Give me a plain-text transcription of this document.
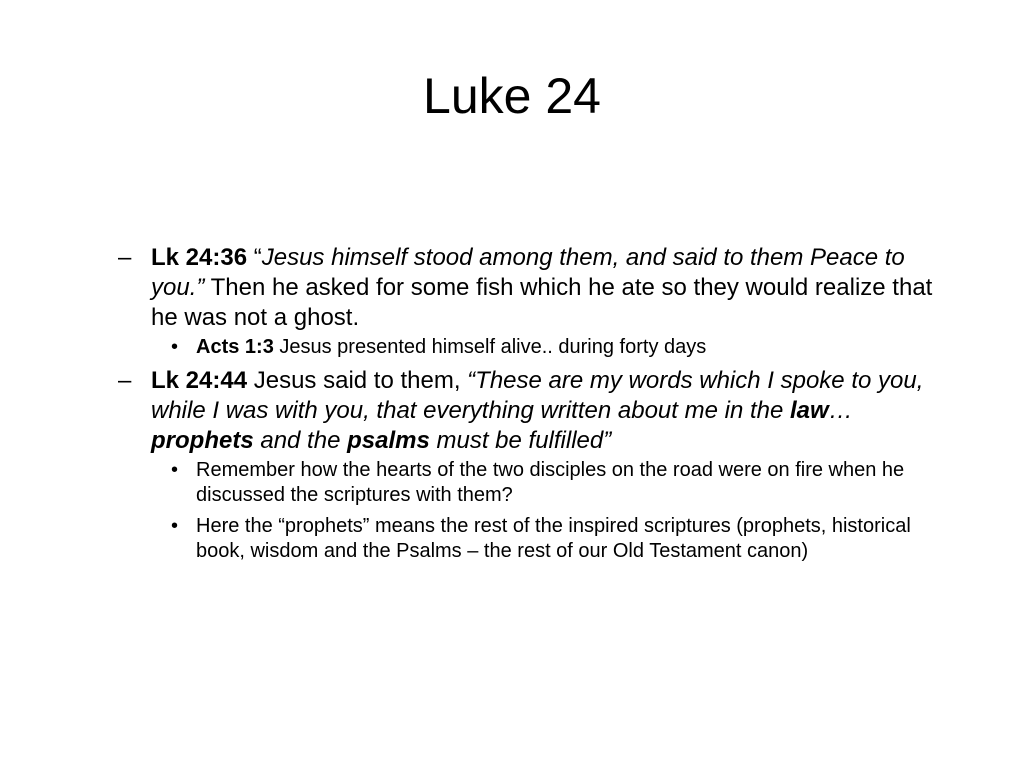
Luke 24
– Lk 24:36 “Jesus himself stood among them, and said to them Peace to you.” Then he asked for some fish which he ate so they would realize that he was not a ghost.
• Acts 1:3 Jesus presented himself alive.. during forty days
– Lk 24:44 Jesus said to them, “These are my words which I spoke to you, while I was with you, that everything written about me in the law…prophets and the psalms must be fulfilled”
• Remember how the hearts of the two disciples on the road were on fire when he discussed the scriptures with them?
• Here the “prophets” means the rest of the inspired scriptures (prophets, historical book, wisdom and the Psalms – the rest of our Old Testament canon)
